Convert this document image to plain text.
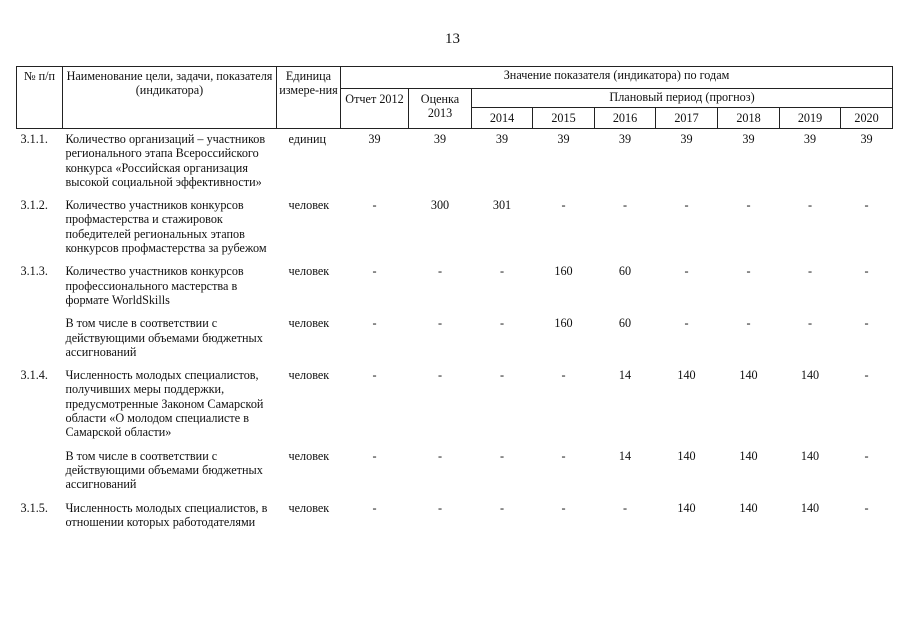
13
№ п/п	Наименование цели, задачи, показателя (индикатора)	Единица измере-ния	Значение показателя (индикатора) по годам								
			Отчет 2012	Оценка 2013	Плановый период (прогноз)						
					2014	2015	2016	2017	2018	2019	2020
3.1.1.	Количество организаций – участников регионального этапа Всероссийского конкурса «Российская организация высокой социальной эффективности»	единиц	39	39	39	39	39	39	39	39	39
3.1.2.	Количество участников конкурсов профмастерства и стажировок победителей региональных этапов конкурсов профмастерства за рубежом	человек	-	300	301	-	-	-	-	-	-
3.1.3.	Количество участников конкурсов профессионального мастерства в формате WorldSkills	человек	-	-	-	160	60	-	-	-	-
	В том числе в соответствии с действующими объемами бюджетных ассигнований	человек	-	-	-	160	60	-	-	-	-
3.1.4.	Численность молодых специалистов, получивших меры поддержки, предусмотренные Законом Самарской области «О молодом специалисте в Самарской области»	человек	-	-	-	-	14	140	140	140	-
	В том числе в соответствии с действующими объемами бюджетных ассигнований	человек	-	-	-	-	14	140	140	140	-
3.1.5.	Численность молодых специалистов, в отношении которых работодателями	человек	-	-	-	-	-	140	140	140	-
